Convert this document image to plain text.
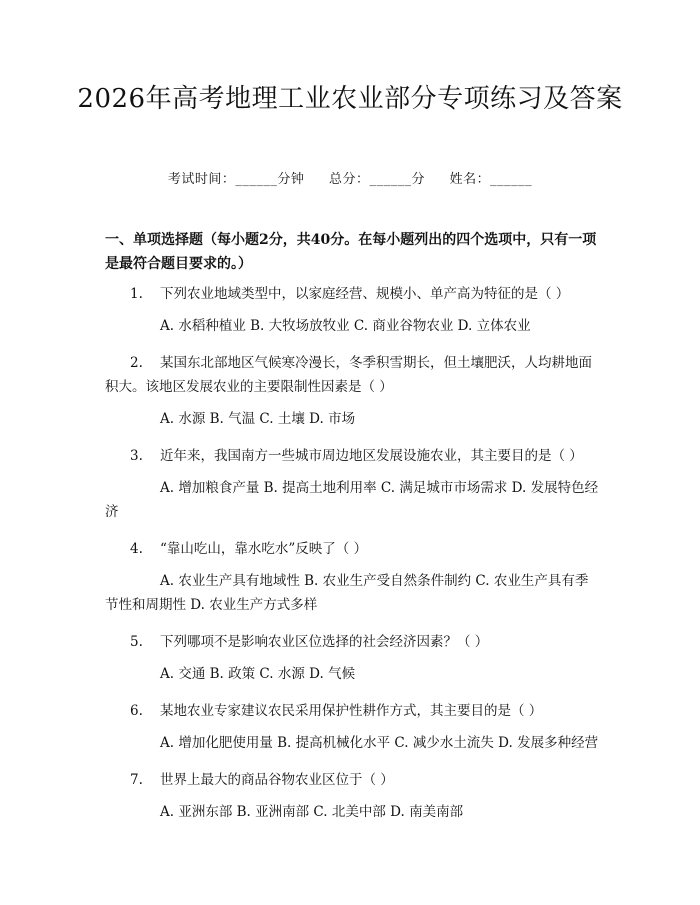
2026年高考地理工业农业部分专项练习及答案
考试时间：______分钟 总分：______分 姓名：______
一、单项选择题（每小题2分，共40分。在每小题列出的四个选项中，只有一项是最符合题目要求的。）

1. 下列农业地域类型中，以家庭经营、规模小、单产高为特征的是（ ）

A. 水稻种植业 B. 大牧场放牧业 C. 商业谷物农业 D. 立体农业

2. 某国东北部地区气候寒冷漫长，冬季积雪期长，但土壤肥沃，人均耕地面积大。该地区发展农业的主要限制性因素是（ ）

A. 水源 B. 气温 C. 土壤 D. 市场

3. 近年来，我国南方一些城市周边地区发展设施农业，其主要目的是（ ）

A. 增加粮食产量 B. 提高土地利用率 C. 满足城市市场需求 D. 发展特色经济

4. “靠山吃山，靠水吃水”反映了（ ）

A. 农业生产具有地域性 B. 农业生产受自然条件制约 C. 农业生产具有季节性和周期性 D. 农业生产方式多样

5. 下列哪项不是影响农业区位选择的社会经济因素？（ ）

A. 交通 B. 政策 C. 水源 D. 气候

6. 某地农业专家建议农民采用保护性耕作方式，其主要目的是（ ）

A. 增加化肥使用量 B. 提高机械化水平 C. 减少水土流失 D. 发展多种经营

7. 世界上最大的商品谷物农业区位于（ ）

A. 亚洲东部 B. 亚洲南部 C. 北美中部 D. 南美南部
